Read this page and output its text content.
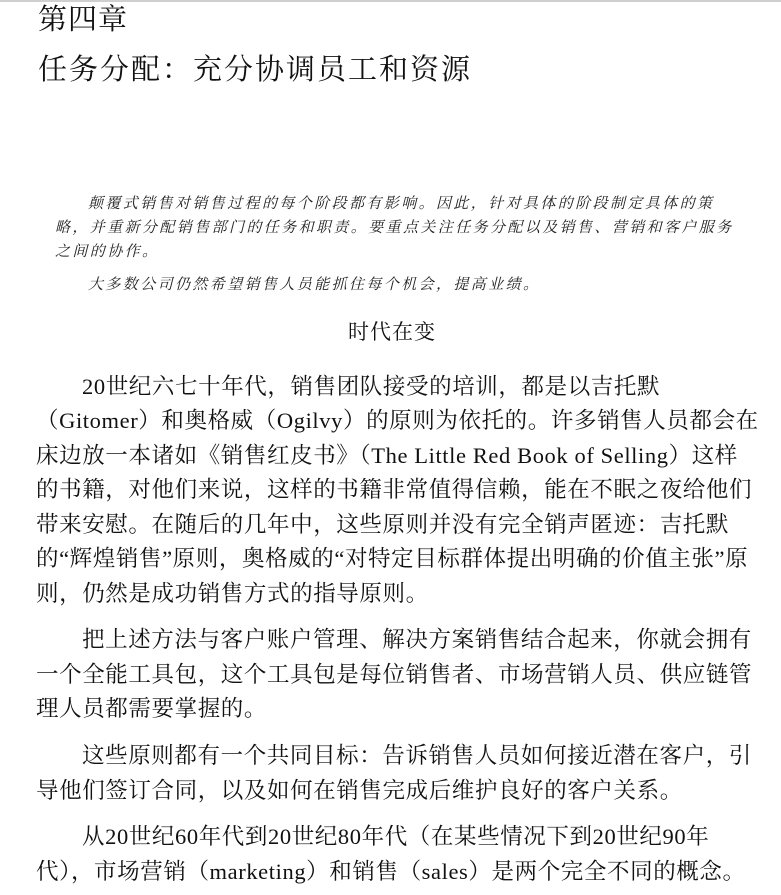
第四章
任务分配：充分协调员工和资源
颠覆式销售对销售过程的每个阶段都有影响。因此，针对具体的阶段制定具体的策
略，并重新分配销售部门的任务和职责。要重点关注任务分配以及销售、营销和客户服务
之间的协作。
大多数公司仍然希望销售人员能抓住每个机会，提高业绩。
时代在变
20世纪六七十年代，销售团队接受的培训，都是以吉托默
（Gitomer）和奥格威（Ogilvy）的原则为依托的。许多销售人员都会在
床边放一本诸如《销售红皮书》（The Little Red Book of Selling）这样
的书籍，对他们来说，这样的书籍非常值得信赖，能在不眠之夜给他们
带来安慰。在随后的几年中，这些原则并没有完全销声匿迹：吉托默
的“辉煌销售”原则，奥格威的“对特定目标群体提出明确的价值主张”原
则，仍然是成功销售方式的指导原则。
把上述方法与客户账户管理、解决方案销售结合起来，你就会拥有
一个全能工具包，这个工具包是每位销售者、市场营销人员、供应链管
理人员都需要掌握的。
这些原则都有一个共同目标：告诉销售人员如何接近潜在客户，引
导他们签订合同，以及如何在销售完成后维护良好的客户关系。
从20世纪60年代到20世纪80年代（在某些情况下到20世纪90年
代），市场营销（marketing）和销售（sales）是两个完全不同的概念。
